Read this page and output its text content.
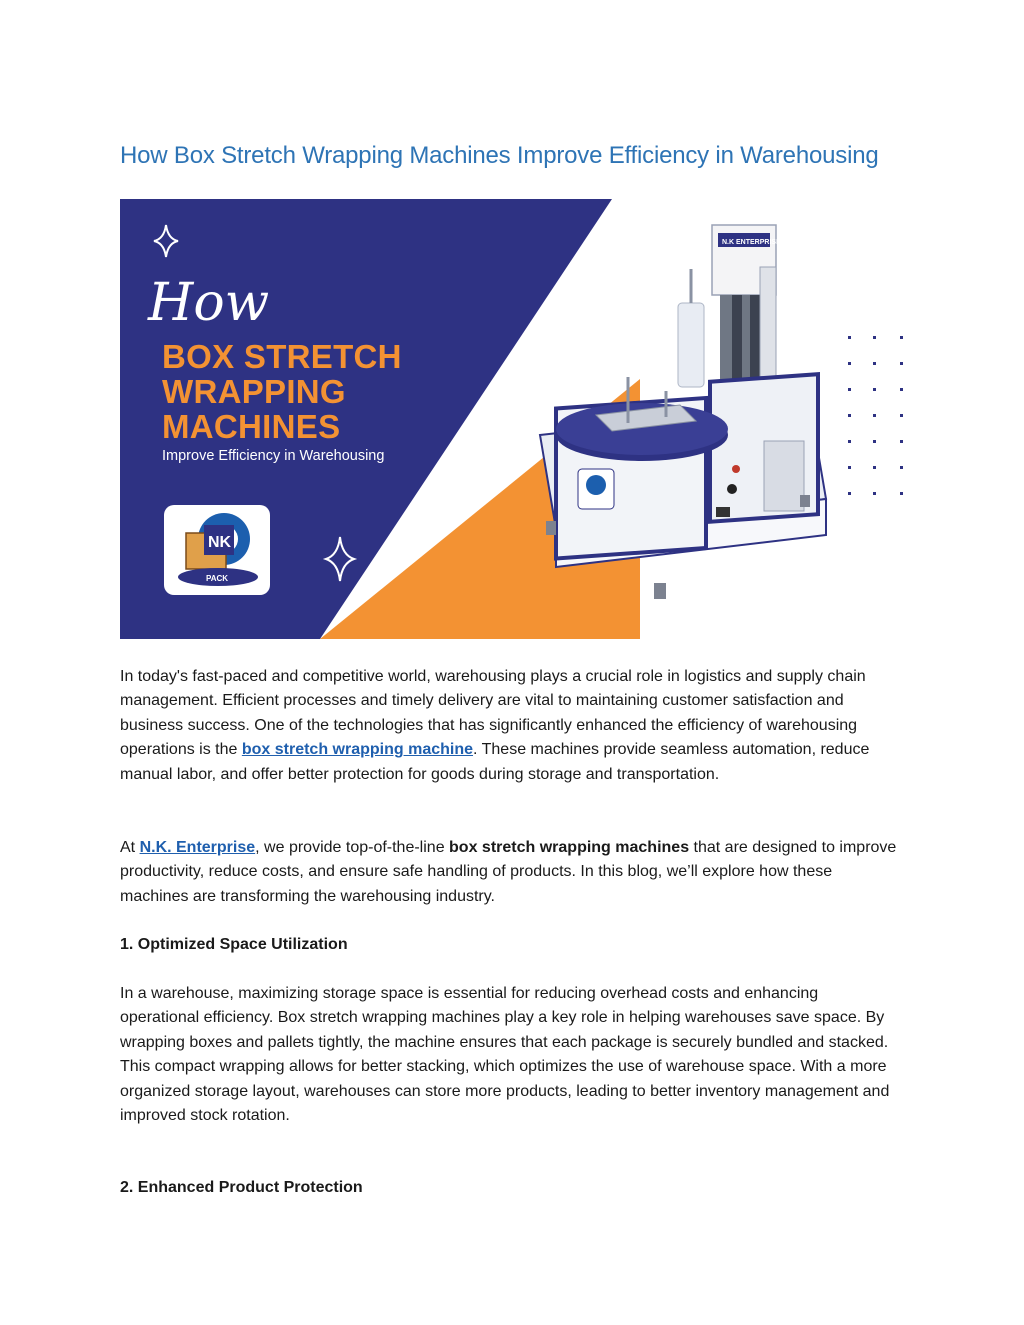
How Box Stretch Wrapping Machines Improve Efficiency in Warehousing
NK
PACK
N.K ENTERPRISE

How

BOX STRETCH

WRAPPING

MACHINES

Improve Efficiency in Warehousing

In today's fast-paced and competitive world, warehousing plays a crucial role in logistics and supply chain management. Efficient processes and timely delivery are vital to maintaining customer satisfaction and business success. One of the technologies that has significantly enhanced the efficiency of warehousing operations is the box stretch wrapping machine. These machines provide seamless automation, reduce manual labor, and offer better protection for goods during storage and transportation.

At N.K. Enterprise, we provide top-of-the-line box stretch wrapping machines that are designed to improve productivity, reduce costs, and ensure safe handling of products. In this blog, we’ll explore how these machines are transforming the warehousing industry.

1. Optimized Space Utilization

In a warehouse, maximizing storage space is essential for reducing overhead costs and enhancing operational efficiency. Box stretch wrapping machines play a key role in helping warehouses save space. By wrapping boxes and pallets tightly, the machine ensures that each package is securely bundled and stacked. This compact wrapping allows for better stacking, which optimizes the use of warehouse space. With a more organized storage layout, warehouses can store more products, leading to better inventory management and improved stock rotation.

2. Enhanced Product Protection
